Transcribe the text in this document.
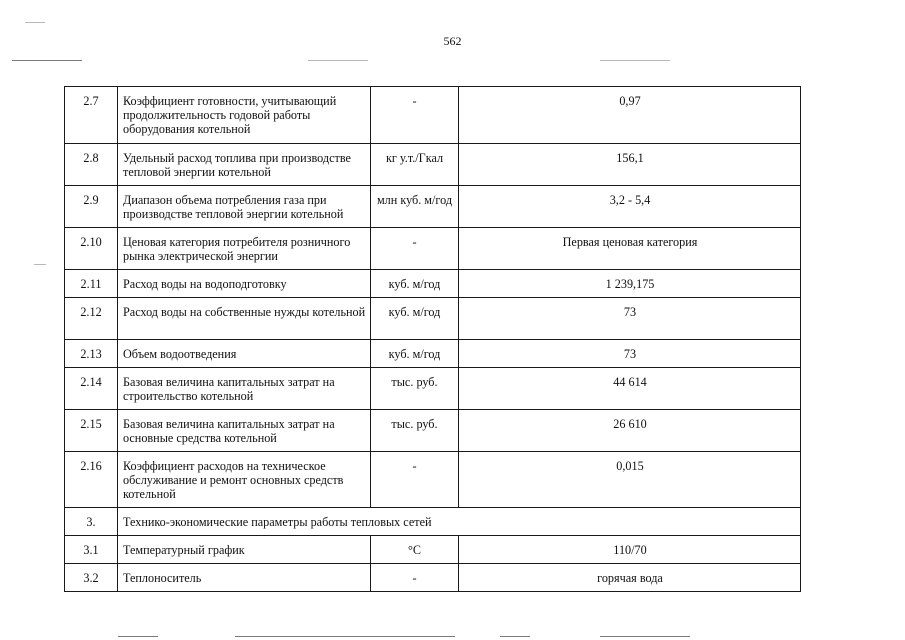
562
2.7	Коэффициент готовности, учитывающий продолжительность годовой работы оборудования котельной	-	0,97
2.8	Удельный расход топлива при производстве тепловой энергии котельной	кг у.т./Гкал	156,1
2.9	Диапазон объема потребления газа при производстве тепловой энергии котельной	млн куб. м/год	3,2 - 5,4
2.10	Ценовая категория потребителя розничного рынка электрической энергии	-	Первая ценовая категория
2.11	Расход воды на водоподготовку	куб. м/год	1 239,175
2.12	Расход воды на собственные нужды котельной	куб. м/год	73
2.13	Объем водоотведения	куб. м/год	73
2.14	Базовая величина капитальных затрат на строительство котельной	тыс. руб.	44 614
2.15	Базовая величина капитальных затрат на основные средства котельной	тыс. руб.	26 610
2.16	Коэффициент расходов на техническое обслуживание и ремонт основных средств котельной	-	0,015
3.	Технико-экономические параметры работы тепловых сетей		
3.1	Температурный график	°C	110/70
3.2	Теплоноситель	-	горячая вода
